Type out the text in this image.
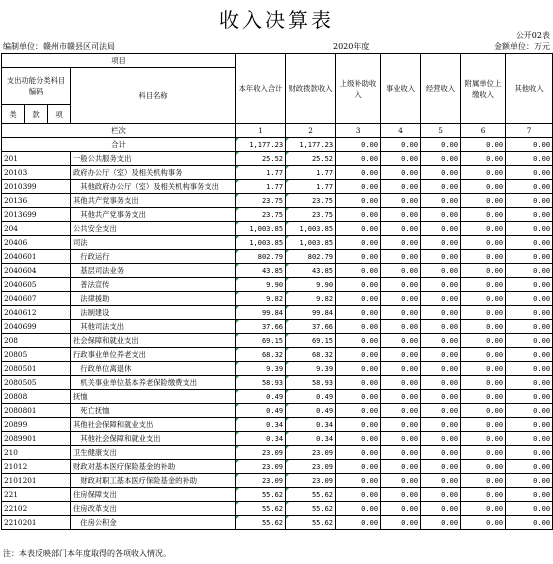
收入决算表
公开02表
编制单位：赣州市赣县区司法局	2020年度	金额单位：万元
项目				本年收入合计	财政拨款收入	上级补助收入	事业收入	经营收入	附属单位上缴收入	其他收入
支出功能分类科目编码			科目名称							
类	款	项								
栏次				1	2	3	4	5	6	7
合计				1,177.23	1,177.23	0.00	0.00	0.00	0.00	0.00
201			一般公共服务支出	25.52	25.52	0.00	0.00	0.00	0.00	0.00
20103			政府办公厅（室）及相关机构事务	1.77	1.77	0.00	0.00	0.00	0.00	0.00
2010399			　其他政府办公厅（室）及相关机构事务支出	1.77	1.77	0.00	0.00	0.00	0.00	0.00
20136			其他共产党事务支出	23.75	23.75	0.00	0.00	0.00	0.00	0.00
2013699			　其他共产党事务支出	23.75	23.75	0.00	0.00	0.00	0.00	0.00
204			公共安全支出	1,003.85	1,003.85	0.00	0.00	0.00	0.00	0.00
20406			司法	1,003.85	1,003.85	0.00	0.00	0.00	0.00	0.00
2040601			　行政运行	802.79	802.79	0.00	0.00	0.00	0.00	0.00
2040604			　基层司法业务	43.85	43.85	0.00	0.00	0.00	0.00	0.00
2040605			　普法宣传	9.90	9.90	0.00	0.00	0.00	0.00	0.00
2040607			　法律援助	9.82	9.82	0.00	0.00	0.00	0.00	0.00
2040612			　法制建设	99.84	99.84	0.00	0.00	0.00	0.00	0.00
2040699			　其他司法支出	37.66	37.66	0.00	0.00	0.00	0.00	0.00
208			社会保障和就业支出	69.15	69.15	0.00	0.00	0.00	0.00	0.00
20805			行政事业单位养老支出	68.32	68.32	0.00	0.00	0.00	0.00	0.00
2080501			　行政单位离退休	9.39	9.39	0.00	0.00	0.00	0.00	0.00
2080505			　机关事业单位基本养老保险缴费支出	58.93	58.93	0.00	0.00	0.00	0.00	0.00
20808			抚恤	0.49	0.49	0.00	0.00	0.00	0.00	0.00
2080801			　死亡抚恤	0.49	0.49	0.00	0.00	0.00	0.00	0.00
20899			其他社会保障和就业支出	0.34	0.34	0.00	0.00	0.00	0.00	0.00
2089901			　其他社会保障和就业支出	0.34	0.34	0.00	0.00	0.00	0.00	0.00
210			卫生健康支出	23.09	23.09	0.00	0.00	0.00	0.00	0.00
21012			财政对基本医疗保险基金的补助	23.09	23.09	0.00	0.00	0.00	0.00	0.00
2101201			　财政对职工基本医疗保险基金的补助	23.09	23.09	0.00	0.00	0.00	0.00	0.00
221			住房保障支出	55.62	55.62	0.00	0.00	0.00	0.00	0.00
22102			住房改革支出	55.62	55.62	0.00	0.00	0.00	0.00	0.00
2210201			　住房公积金	55.62	55.62	0.00	0.00	0.00	0.00	0.00
注：本表反映部门本年度取得的各项收入情况。
